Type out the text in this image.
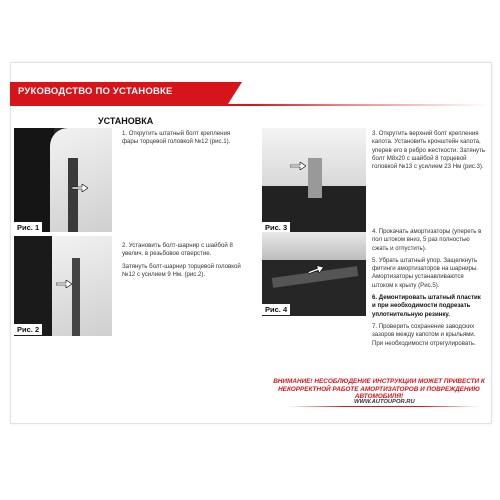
РУКОВОДСТВО ПО УСТАНОВКЕ
УСТАНОВКА
Рис. 1
Рис. 2
Рис. 3
Рис. 4

1. Открутить штатный болт крепления фары торцевой головкой №12 (рис.1).

2. Установить болт-шарнир с шайбой 8 увелич. в резьбовое отверстие.

Затянуть болт-шарнир торцевой головкой №12 с усилием 9 Нм. (рис.2).

3. Открутить верхний болт крепления капота. Установить кронштейн капота, уперев его в ребро жесткости. Затянуть болт М8х20 с шайбой 8 торцевой головкой №13 с усилием 23 Нм (рис.3).

4. Прокачать амортизаторы (упереть в пол штоком вниз, 5 раз полностью сжать и отпустить).

5. Убрать штатный упор. Защелкнуть фитинги амортизаторов на шарниры. Амортизаторы устанавливаются штоком к крылу (Рис.5).

6. Демонтировать штатный пластик и при необходимости подрезать уплотнительную резинку.

7. Проверить сохранение заводских зазоров между капотом и крыльями. При необходимости отрегулировать.

ВНИМАНИЕ! НЕСОБЛЮДЕНИЕ ИНСТРУКЦИИ МОЖЕТ ПРИВЕСТИ К НЕКОРРЕКТНОЙ РАБОТЕ АМОРТИЗАТОРОВ И ПОВРЕЖДЕНИЮ АВТОМОБИЛЯ!
WWW.AUTOUPOR.RU
